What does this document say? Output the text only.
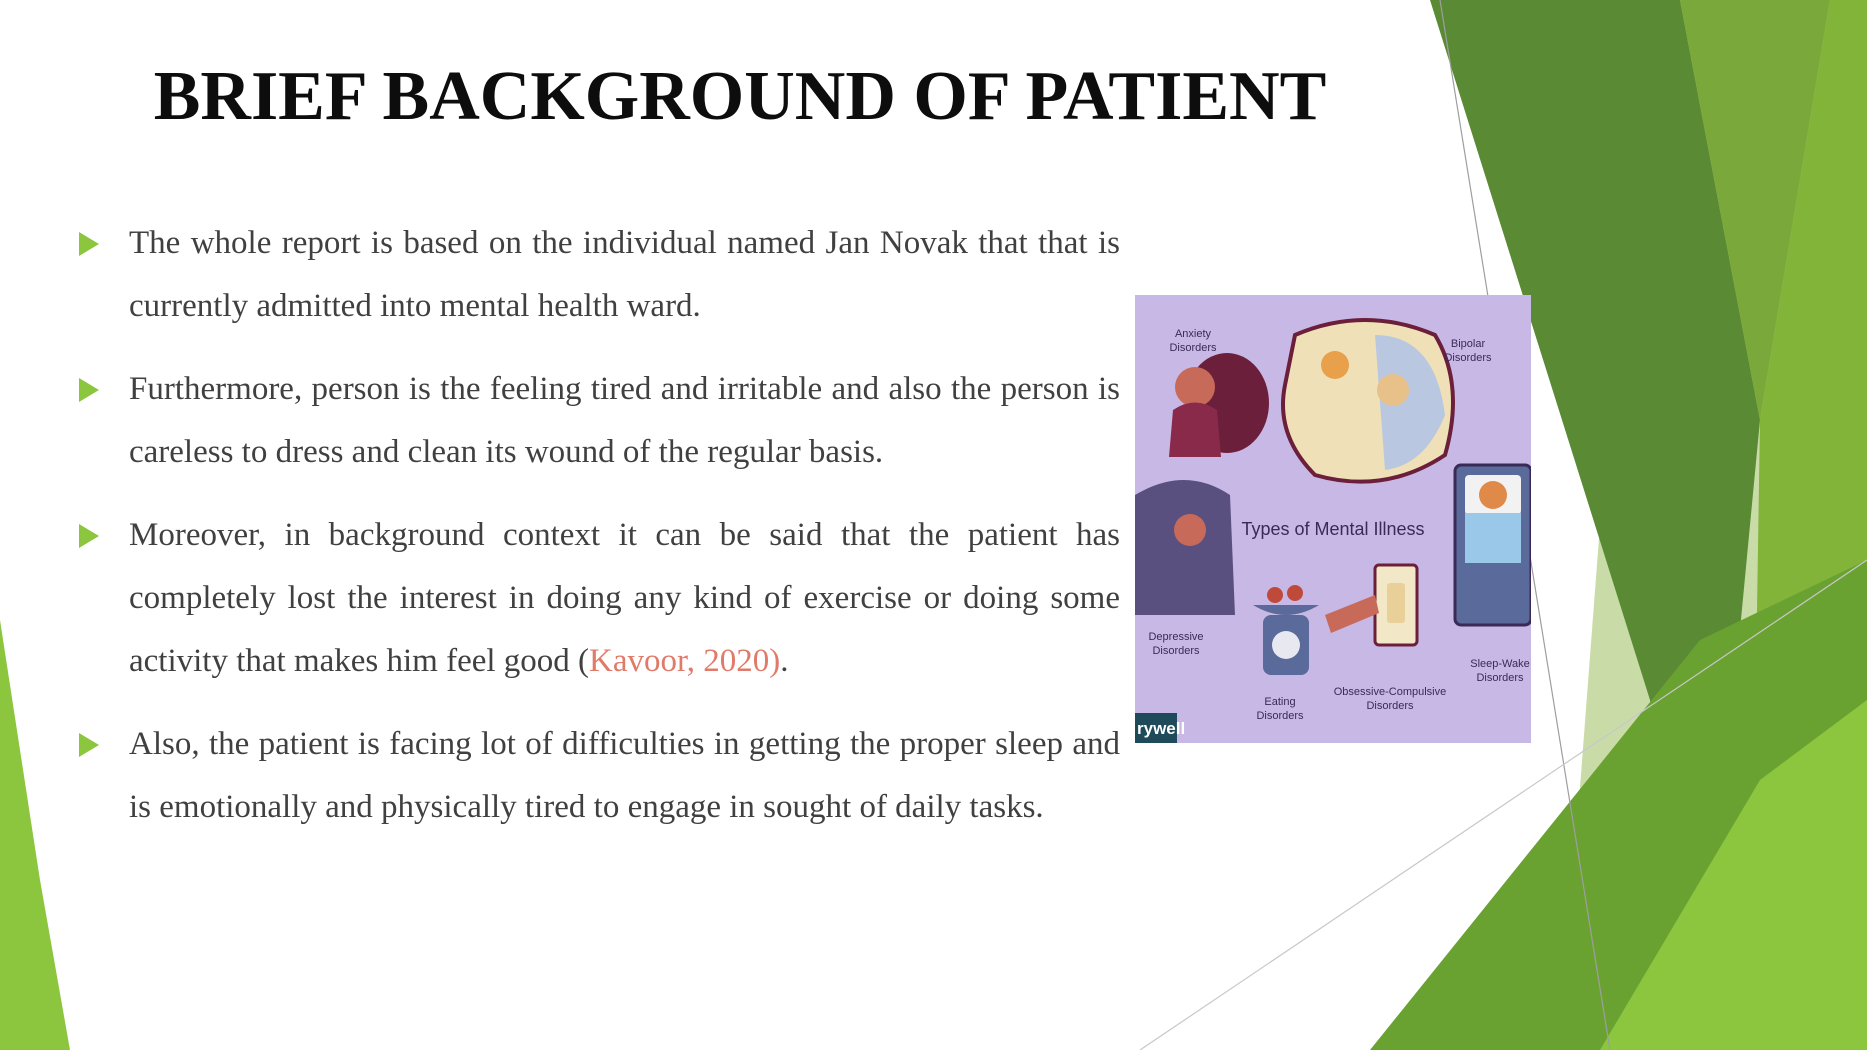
BRIEF BACKGROUND OF PATIENT
The whole report is based on the individual named Jan Novak that that is currently admitted into mental health ward.
Furthermore, person is the feeling tired and irritable and also the person is careless to dress and clean its wound of the regular basis.
Moreover, in background context it can be said that the patient has completely lost the interest in doing any kind of exercise or doing some activity that makes him feel good (Kavoor, 2020).
Also, the patient is facing lot of difficulties in getting the proper sleep and is emotionally and physically tired to engage in sought of daily tasks.
rywell
Anxiety
Disorders	Bipolar
Disorders
Types of Mental Illness
Depressive
Disorders
Sleep-Wake
Disorders
Obsessive-Compulsive
Disorders
Eating
Disorders
